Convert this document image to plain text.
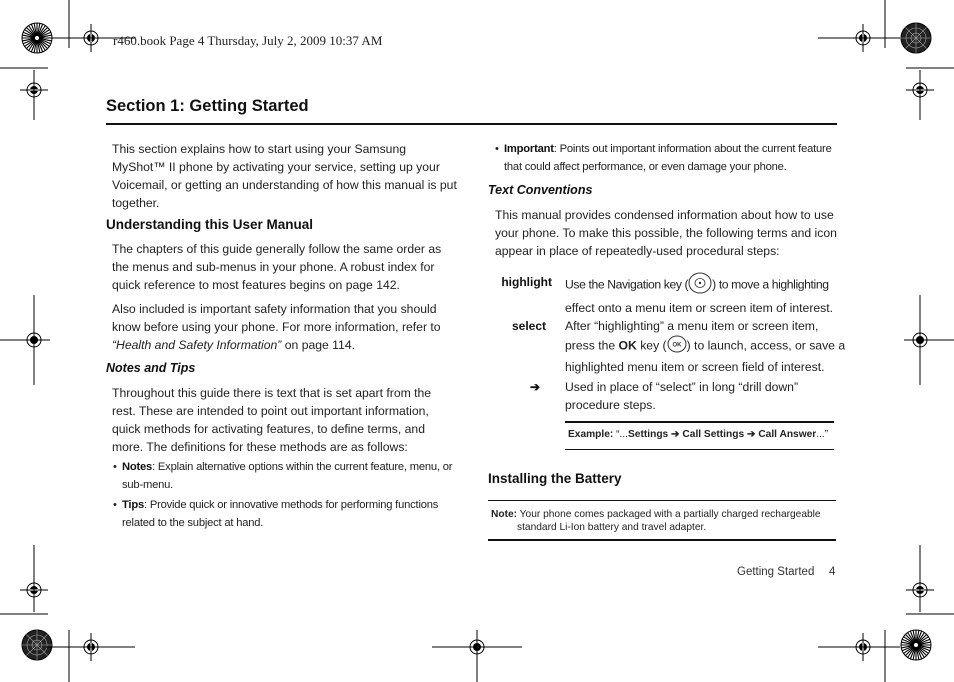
r460.book Page 4 Thursday, July 2, 2009 10:37 AM
Section 1: Getting Started
This section explains how to start using your Samsung MyShot™ II phone by activating your service, setting up your Voicemail, or getting an understanding of how this manual is put together.
Understanding this User Manual
The chapters of this guide generally follow the same order as the menus and sub-menus in your phone. A robust index for quick reference to most features begins on page 142.
Also included is important safety information that you should know before using your phone. For more information, refer to
“Health and Safety Information” on page 114.
Notes and Tips
Throughout this guide there is text that is set apart from the rest. These are intended to point out important information, quick methods for activating features, to define terms, and more. The definitions for these methods are as follows:
• Notes: Explain alternative options within the current feature, menu, or sub-menu.
• Tips: Provide quick or innovative methods for performing functions related to the subject at hand.
• Important: Points out important information about the current feature that could affect performance, or even damage your phone.
Text Conventions
This manual provides condensed information about how to use your phone. To make this possible, the following terms and icon appear in place of repeatedly-used procedural steps:
highlight Use the Navigation key ( ) to move a highlighting
effect onto a menu item or screen item of interest.
select After “highlighting” a menu item or screen item,
press the OK key ( OK ) to launch, access, or save a
highlighted menu item or screen field of interest.
➔ Used in place of “select” in long “drill down”
procedure steps.
Example: “...Settings ➔ Call Settings ➔ Call Answer...”
Installing the Battery
Note: Your phone comes packaged with a partially charged rechargeable
standard Li-Ion battery and travel adapter.
Getting Started 4
